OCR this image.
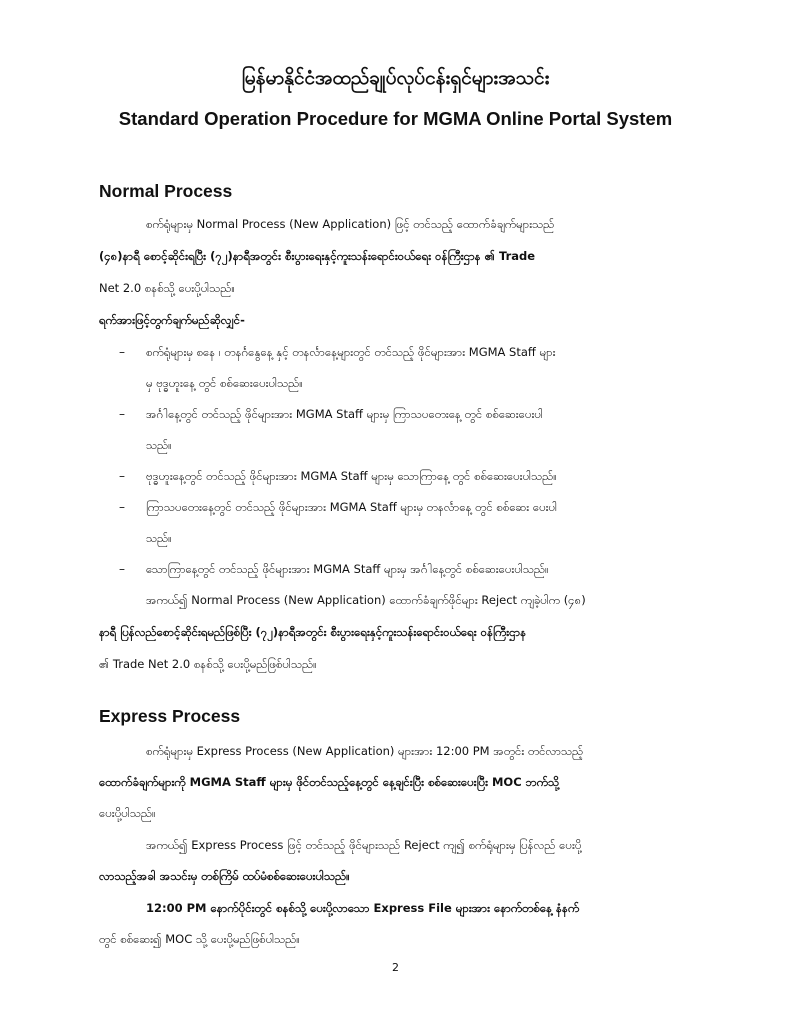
မြန်မာနိုင်ငံအထည်ချုပ်လုပ်ငန်းရှင်များအသင်း
Standard Operation Procedure for MGMA Online Portal System
Normal Process
စက်ရုံများမှ Normal Process (New Application) ဖြင့် တင်သည့် ထောက်ခံချက်များသည်
(၄၈)နာရီ စောင့်ဆိုင်းရပြီး (၇၂)နာရီအတွင်း စီးပွားရေးနှင့်ကူးသန်းရောင်းဝယ်ရေး ဝန်ကြီးဌာန ၏ Trade
Net 2.0 စနစ်သို့ ပေးပို့ပါသည်။
ရက်အားဖြင့်တွက်ချက်မည်ဆိုလျှင်-
– စက်ရုံများမှ စနေ ၊ တနင်္ဂနွေနေ့ နှင့် တနင်္လာနေ့များတွင် တင်သည့် ဖိုင်များအား MGMA Staff များ
မှ ဗုဒ္ဓဟူးနေ့ တွင် စစ်ဆေးပေးပါသည်။
– အင်္ဂါနေ့တွင် တင်သည့် ဖိုင်များအား MGMA Staff များမှ ကြာသပတေးနေ့ တွင် စစ်ဆေးပေးပါ
သည်။
– ဗုဒ္ဓဟူးနေ့တွင် တင်သည့် ဖိုင်များအား MGMA Staff များမှ သောကြာနေ့ တွင် စစ်ဆေးပေးပါသည်။
– ကြာသပတေးနေ့တွင် တင်သည့် ဖိုင်များအား MGMA Staff များမှ တနင်္လာနေ့ တွင် စစ်ဆေး ပေးပါ
သည်။
– သောကြာနေ့တွင် တင်သည့် ဖိုင်များအား MGMA Staff များမှ အင်္ဂါနေ့တွင် စစ်ဆေးပေးပါသည်။
အကယ်၍ Normal Process (New Application) ထောက်ခံချက်ဖိုင်များ Reject ကျခဲ့ပါက (၄၈)
နာရီ ပြန်လည်စောင့်ဆိုင်းရမည်ဖြစ်ပြီး (၇၂)နာရီအတွင်း စီးပွားရေးနှင့်ကူးသန်းရောင်းဝယ်ရေး ဝန်ကြီးဌာန
၏ Trade Net 2.0 စနစ်သို့ ပေးပို့မည်ဖြစ်ပါသည်။
Express Process
စက်ရုံများမှ Express Process (New Application) များအား 12:00 PM အတွင်း တင်လာသည့်
ထောက်ခံချက်များကို MGMA Staff များမှ ဖိုင်တင်သည့်နေ့တွင် နေ့ချင်းပြီး စစ်ဆေးပေးပြီး MOC ဘက်သို့
ပေးပို့ပါသည်။
အကယ်၍ Express Process ဖြင့် တင်သည့် ဖိုင်များသည် Reject ကျ၍ စက်ရုံများမှ ပြန်လည် ပေးပို့
လာသည့်အခါ အသင်းမှ တစ်ကြိမ် ထပ်မံစစ်ဆေးပေးပါသည်။
12:00 PM နောက်ပိုင်းတွင် စနစ်သို့ ပေးပို့လာသော Express File များအား နောက်တစ်နေ့ နံနက်
တွင် စစ်ဆေး၍ MOC သို့ ပေးပို့မည်ဖြစ်ပါသည်။
2
